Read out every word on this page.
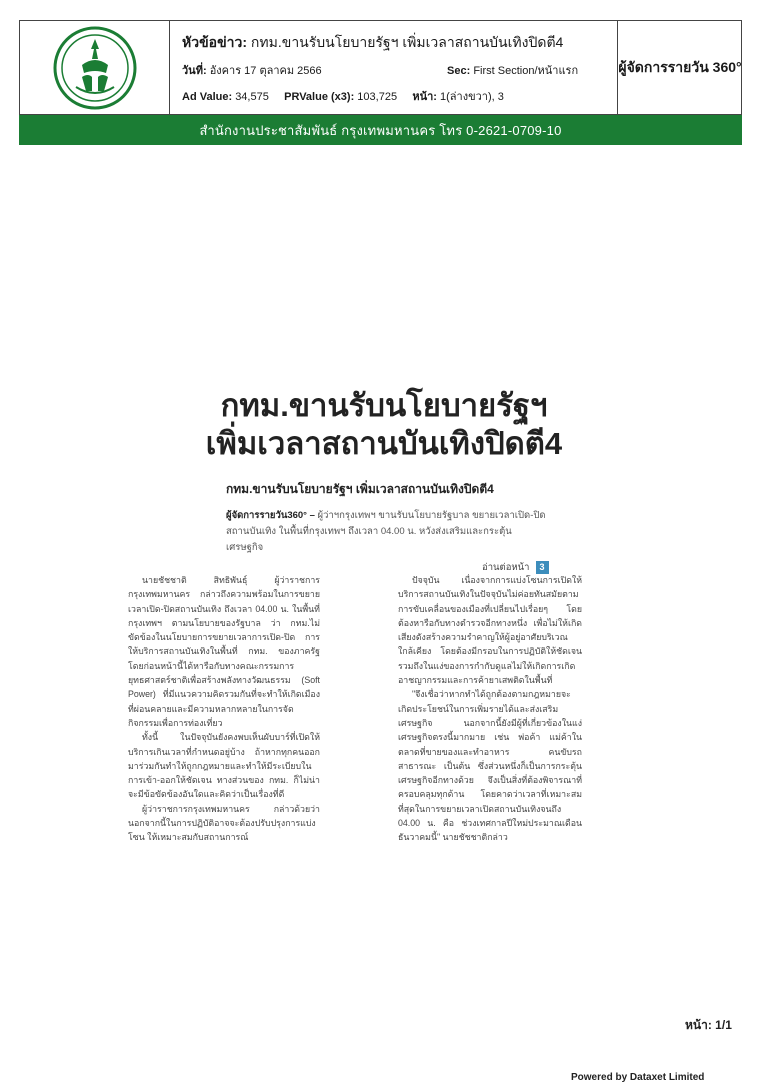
หัวข้อข่าว: กทม.ขานรับนโยบายรัฐฯ เพิ่มเวลาสถานบันเทิงปิดตี4
วันที่: อังคาร 17 ตุลาคม 2566	Sec: First Section/หน้าแรก
Ad Value: 34,575 PRValue (x3): 103,725 หน้า: 1(ล่างขวา), 3
ผู้จัดการรายวัน 360°
สำนักงานประชาสัมพันธ์ กรุงเทพมหานคร โทร 0-2621-0709-10
กทม.ขานรับนโยบายรัฐฯ
เพิ่มเวลาสถานบันเทิงปิดตี4
กทม.ขานรับนโยบายรัฐฯ เพิ่มเวลาสถานบันเทิงปิดตี4
ผู้จัดการรายวัน360° – ผู้ว่าฯกรุงเทพฯ ขานรับนโยบายรัฐบาล ขยายเวลาเปิด-ปิดสถานบันเทิง ในพื้นที่กรุงเทพฯ ถึงเวลา 04.00 น. หวังส่งเสริมและกระตุ้นเศรษฐกิจ
อ่านต่อหน้า	3

นายชัชชาติ สิทธิพันธุ์ ผู้ว่าราชการกรุงเทพมหานคร กล่าวถึงความพร้อมในการขยายเวลาเปิด-ปิดสถานบันเทิง ถึงเวลา 04.00 น. ในพื้นที่กรุงเทพฯ ตามนโยบายของรัฐบาล ว่า กทม.ไม่ขัดข้องในนโยบายการขยายเวลาการเปิด-ปิด การให้บริการสถานบันเทิงในพื้นที่ กทม. ของภาครัฐ โดยก่อนหน้านี้ได้หารือกับทางคณะกรรมการยุทธศาสตร์ชาติเพื่อสร้างพลังทางวัฒนธรรม (Soft Power) ที่มีแนวความคิดรวมกันที่จะทำให้เกิดเมืองที่ผ่อนคลายและมีความหลากหลายในการจัดกิจกรรมเพื่อการท่องเที่ยว

ทั้งนี้ ในปัจจุบันยังคงพบเห็นผับบาร์ที่เปิดให้บริการเกินเวลาที่กำหนดอยู่บ้าง ถ้าหากทุกคนออกมาร่วมกันทำให้ถูกกฎหมายและทำให้มีระเบียบในการเข้า-ออกให้ชัดเจน ทางส่วนของ กทม. ก็ไม่น่าจะมีข้อขัดข้องอันใดและคิดว่าเป็นเรื่องที่ดี

ผู้ว่าราชการกรุงเทพมหานคร กล่าวด้วยว่า นอกจากนี้ในการปฏิบัติอาจจะต้องปรับปรุงการแบ่งโซน ให้เหมาะสมกับสถานการณ์

ปัจจุบัน เนื่องจากการแบ่งโซนการเปิดให้บริการสถานบันเทิงในปัจจุบันไม่ค่อยทันสมัยตามการขับเคลื่อนของเมืองที่เปลี่ยนไปเรื่อยๆ โดยต้องหารือกับทางตำรวจอีกทางหนึ่ง เพื่อไม่ให้เกิดเสียงดังสร้างความรำคาญให้ผู้อยู่อาศัยบริเวณใกล้เคียง โดยต้องมีกรอบในการปฏิบัติให้ชัดเจน รวมถึงในแง่ของการกำกับดูแลไม่ให้เกิดการเกิดอาชญากรรมและการค้ายาเสพติดในพื้นที่

"จึงเชื่อว่าหากทำได้ถูกต้องตามกฎหมายจะเกิดประโยชน์ในการเพิ่มรายได้และส่งเสริมเศรษฐกิจ นอกจากนี้ยังมีผู้ที่เกี่ยวข้องในแง่เศรษฐกิจตรงนี้มากมาย เช่น พ่อค้า แม่ค้าในตลาดที่ขายของและทำอาหาร คนขับรถสาธารณะ เป็นต้น ซึ่งส่วนหนึ่งก็เป็นการกระตุ้นเศรษฐกิจอีกทางด้วย จึงเป็นสิ่งที่ต้องพิจารณาที่ครอบคลุมทุกด้าน โดยคาดว่าเวลาที่เหมาะสมที่สุดในการขยายเวลาเปิดสถานบันเทิงจนถึง 04.00 น. คือ ช่วงเทศกาลปีใหม่ประมาณเดือนธันวาคมนี้" นายชัชชาติกล่าว

หน้า: 1/1
Powered by Dataxet Limited
